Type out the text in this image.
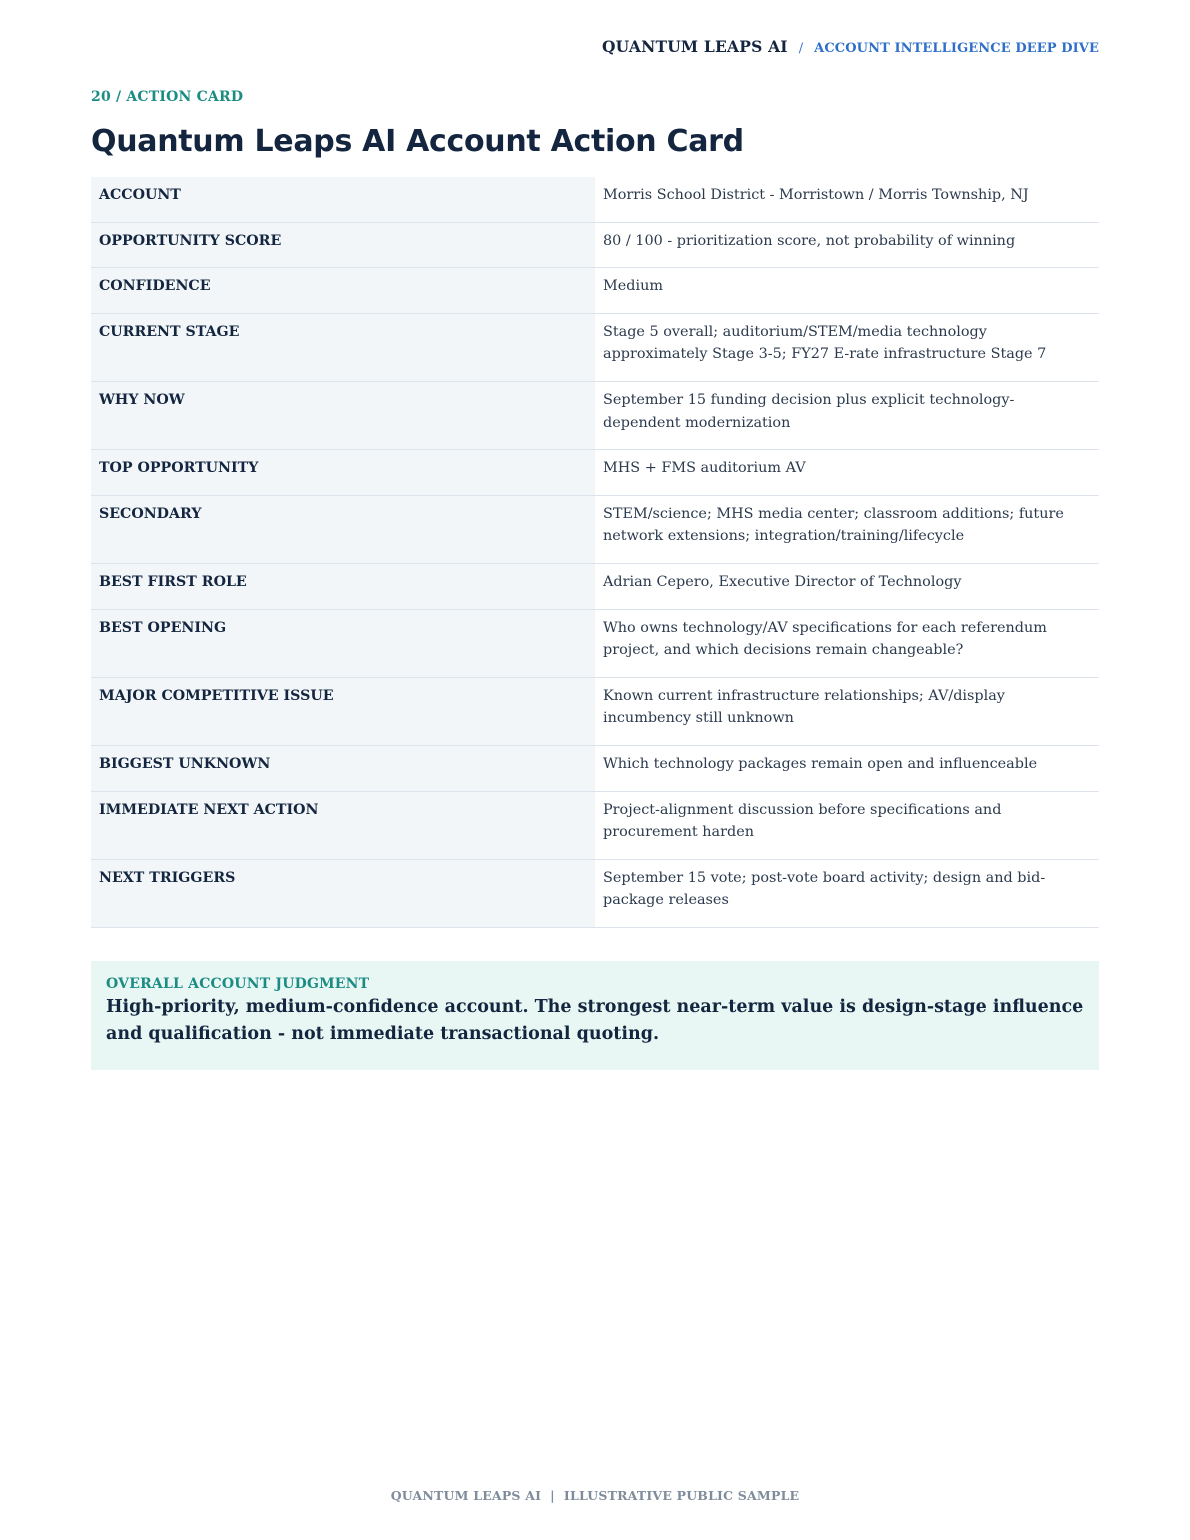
QUANTUM LEAPS AI / ACCOUNT INTELLIGENCE DEEP DIVE
20 / ACTION CARD
Quantum Leaps AI Account Action Card
ACCOUNT	Morris School District - Morristown / Morris Township, NJ
OPPORTUNITY SCORE	80 / 100 - prioritization score, not probability of winning
CONFIDENCE	Medium
CURRENT STAGE	Stage 5 overall; auditorium/STEM/media technology approximately Stage 3-5; FY27 E-rate infrastructure Stage 7
WHY NOW	September 15 funding decision plus explicit technology-dependent modernization
TOP OPPORTUNITY	MHS + FMS auditorium AV
SECONDARY	STEM/science; MHS media center; classroom additions; future network extensions; integration/training/lifecycle
BEST FIRST ROLE	Adrian Cepero, Executive Director of Technology
BEST OPENING	Who owns technology/AV specifications for each referendum project, and which decisions remain changeable?
MAJOR COMPETITIVE ISSUE	Known current infrastructure relationships; AV/display incumbency still unknown
BIGGEST UNKNOWN	Which technology packages remain open and influenceable
IMMEDIATE NEXT ACTION	Project-alignment discussion before specifications and procurement harden
NEXT TRIGGERS	September 15 vote; post-vote board activity; design and bid-package releases
OVERALL ACCOUNT JUDGMENT
High-priority, medium-confidence account. The strongest near-term value is design-stage influence and qualification - not immediate transactional quoting.
QUANTUM LEAPS AI | ILLUSTRATIVE PUBLIC SAMPLE
